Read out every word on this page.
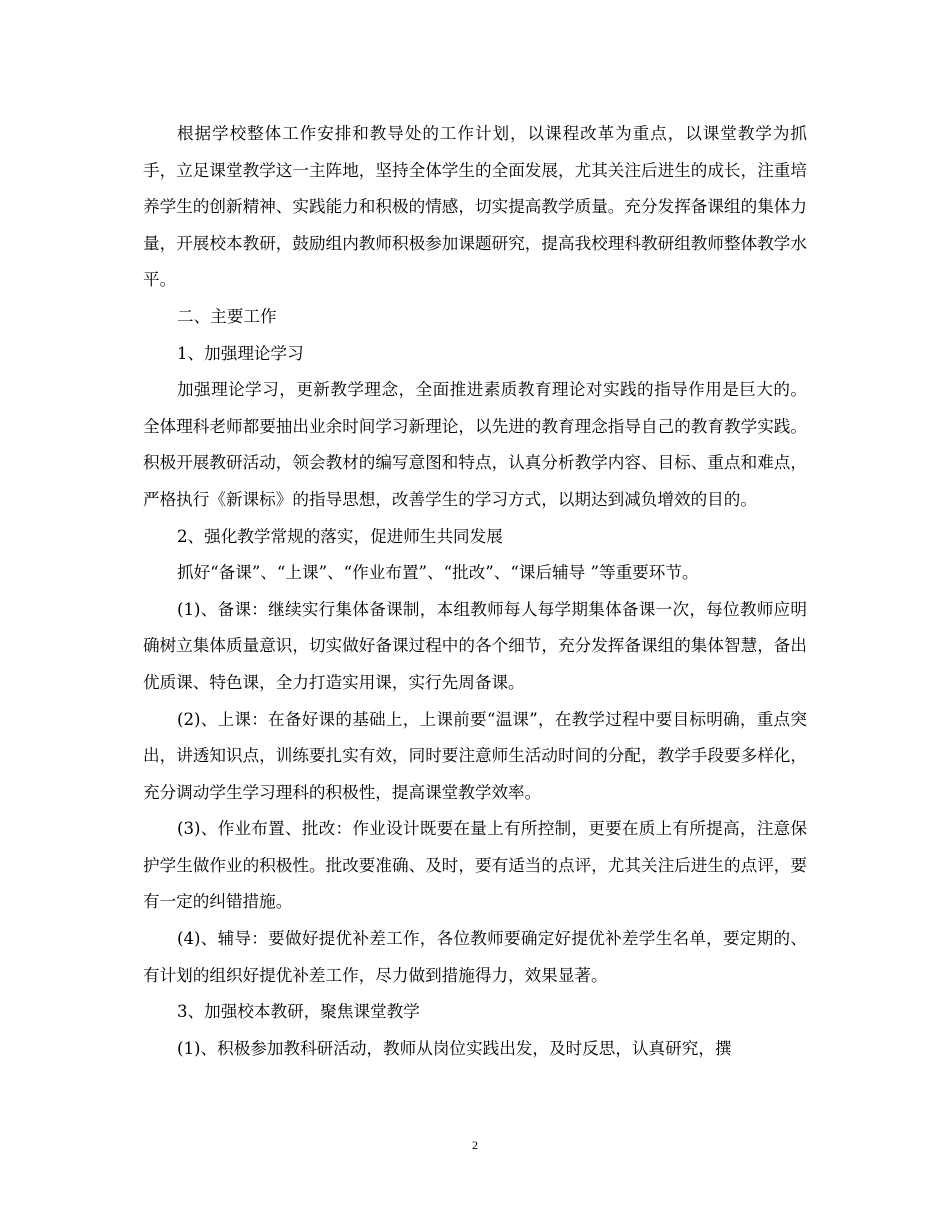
根据学校整体工作安排和教导处的工作计划，以课程改革为重点，以课堂教学为抓手，立足课堂教学这一主阵地，坚持全体学生的全面发展，尤其关注后进生的成长，注重培养学生的创新精神、实践能力和积极的情感，切实提高教学质量。充分发挥备课组的集体力量，开展校本教研，鼓励组内教师积极参加课题研究，提高我校理科教研组教师整体教学水平。

二、主要工作

1、加强理论学习

加强理论学习，更新教学理念，全面推进素质教育理论对实践的指导作用是巨大的。全体理科老师都要抽出业余时间学习新理论，以先进的教育理念指导自己的教育教学实践。积极开展教研活动，领会教材的编写意图和特点，认真分析教学内容、目标、重点和难点，严格执行《新课标》的指导思想，改善学生的学习方式，以期达到减负增效的目的。

2、强化教学常规的落实，促进师生共同发展

抓好“备课”、“上课”、“作业布置”、“批改”、“课后辅导 ”等重要环节。

(1)、备课：继续实行集体备课制，本组教师每人每学期集体备课一次，每位教师应明确树立集体质量意识，切实做好备课过程中的各个细节，充分发挥备课组的集体智慧，备出优质课、特色课，全力打造实用课，实行先周备课。

(2)、上课：在备好课的基础上，上课前要“温课”，在教学过程中要目标明确，重点突出，讲透知识点，训练要扎实有效，同时要注意师生活动时间的分配，教学手段要多样化，充分调动学生学习理科的积极性，提高课堂教学效率。

(3)、作业布置、批改：作业设计既要在量上有所控制，更要在质上有所提高，注意保护学生做作业的积极性。批改要准确、及时，要有适当的点评，尤其关注后进生的点评，要有一定的纠错措施。

(4)、辅导：要做好提优补差工作，各位教师要确定好提优补差学生名单，要定期的、有计划的组织好提优补差工作，尽力做到措施得力，效果显著。

3、加强校本教研，聚焦课堂教学

(1)、积极参加教科研活动，教师从岗位实践出发，及时反思，认真研究，撰

2
